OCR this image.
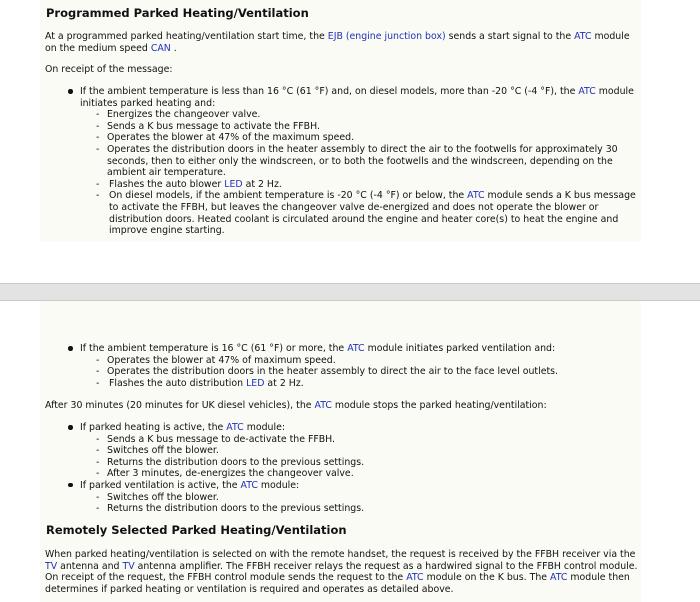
Programmed Parked Heating/Ventilation

At a programmed parked heating/ventilation start time, the EJB (engine junction box) sends a start signal to the ATC module on the medium speed CAN .

On receipt of the message:

If the ambient temperature is less than 16 °C (61 °F) and, on diesel models, more than -20 °C (-4 °F), the ATC module initiates parked heating and:
- Energizes the changeover valve.
- Sends a K bus message to activate the FFBH.
- Operates the blower at 47% of the maximum speed.
- Operates the distribution doors in the heater assembly to direct the air to the footwells for approximately 30 seconds, then to either only the windscreen, or to both the footwells and the windscreen, depending on the ambient air temperature.
- Flashes the auto blower LED at 2 Hz.
- On diesel models, if the ambient temperature is -20 °C (-4 °F) or below, the ATC module sends a K bus message to activate the FFBH, but leaves the changeover valve de-energized and does not operate the blower or distribution doors. Heated coolant is circulated around the engine and heater core(s) to heat the engine and improve engine starting.
If the ambient temperature is 16 °C (61 °F) or more, the ATC module initiates parked ventilation and:
- Operates the blower at 47% of maximum speed.
- Operates the distribution doors in the heater assembly to direct the air to the face level outlets.
- Flashes the auto distribution LED at 2 Hz.

After 30 minutes (20 minutes for UK diesel vehicles), the ATC module stops the parked heating/ventilation:

If parked heating is active, the ATC module:
- Sends a K bus message to de-activate the FFBH.
- Switches off the blower.
- Returns the distribution doors to the previous settings.
- After 3 minutes, de-energizes the changeover valve.
If parked ventilation is active, the ATC module:
- Switches off the blower.
- Returns the distribution doors to the previous settings.
Remotely Selected Parked Heating/Ventilation

When parked heating/ventilation is selected on with the remote handset, the request is received by the FFBH receiver via the TV antenna and TV antenna amplifier. The FFBH receiver relays the request as a hardwired signal to the FFBH control module. On receipt of the request, the FFBH control module sends the request to the ATC module on the K bus. The ATC module then determines if parked heating or ventilation is required and operates as detailed above.
